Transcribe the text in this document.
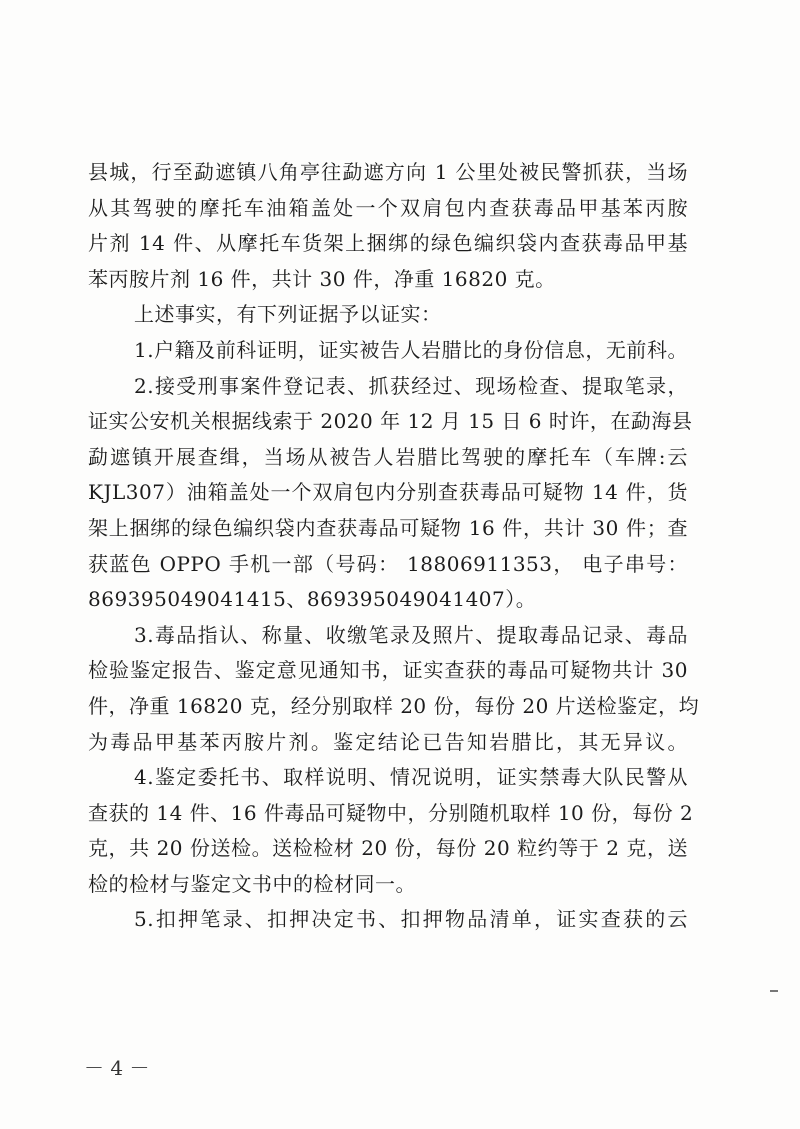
县城，行至勐遮镇八角亭往勐遮方向 1 公里处被民警抓获，当场
从其驾驶的摩托车油箱盖处一个双肩包内查获毒品甲基苯丙胺
片剂 14 件、从摩托车货架上捆绑的绿色编织袋内查获毒品甲基
苯丙胺片剂 16 件，共计 30 件，净重 16820 克。
上述事实，有下列证据予以证实：
1.户籍及前科证明，证实被告人岩腊比的身份信息，无前科。
2.接受刑事案件登记表、抓获经过、现场检查、提取笔录，
证实公安机关根据线索于 2020 年 12 月 15 日 6 时许，在勐海县
勐遮镇开展查缉，当场从被告人岩腊比驾驶的摩托车（车牌:云
KJL307）油箱盖处一个双肩包内分别查获毒品可疑物 14 件，货
架上捆绑的绿色编织袋内查获毒品可疑物 16 件，共计 30 件；查
获蓝色 OPPO 手机一部（号码： 18806911353， 电子串号：
869395049041415、869395049041407）。
3.毒品指认、称量、收缴笔录及照片、提取毒品记录、毒品
检验鉴定报告、鉴定意见通知书，证实查获的毒品可疑物共计 30
件，净重 16820 克，经分别取样 20 份，每份 20 片送检鉴定，均
为毒品甲基苯丙胺片剂。鉴定结论已告知岩腊比，其无异议。
4.鉴定委托书、取样说明、情况说明，证实禁毒大队民警从
查获的 14 件、16 件毒品可疑物中，分别随机取样 10 份，每份 2
克，共 20 份送检。送检检材 20 份，每份 20 粒约等于 2 克，送
检的检材与鉴定文书中的检材同一。
5.扣押笔录、扣押决定书、扣押物品清单，证实查获的云
－ 4 －
